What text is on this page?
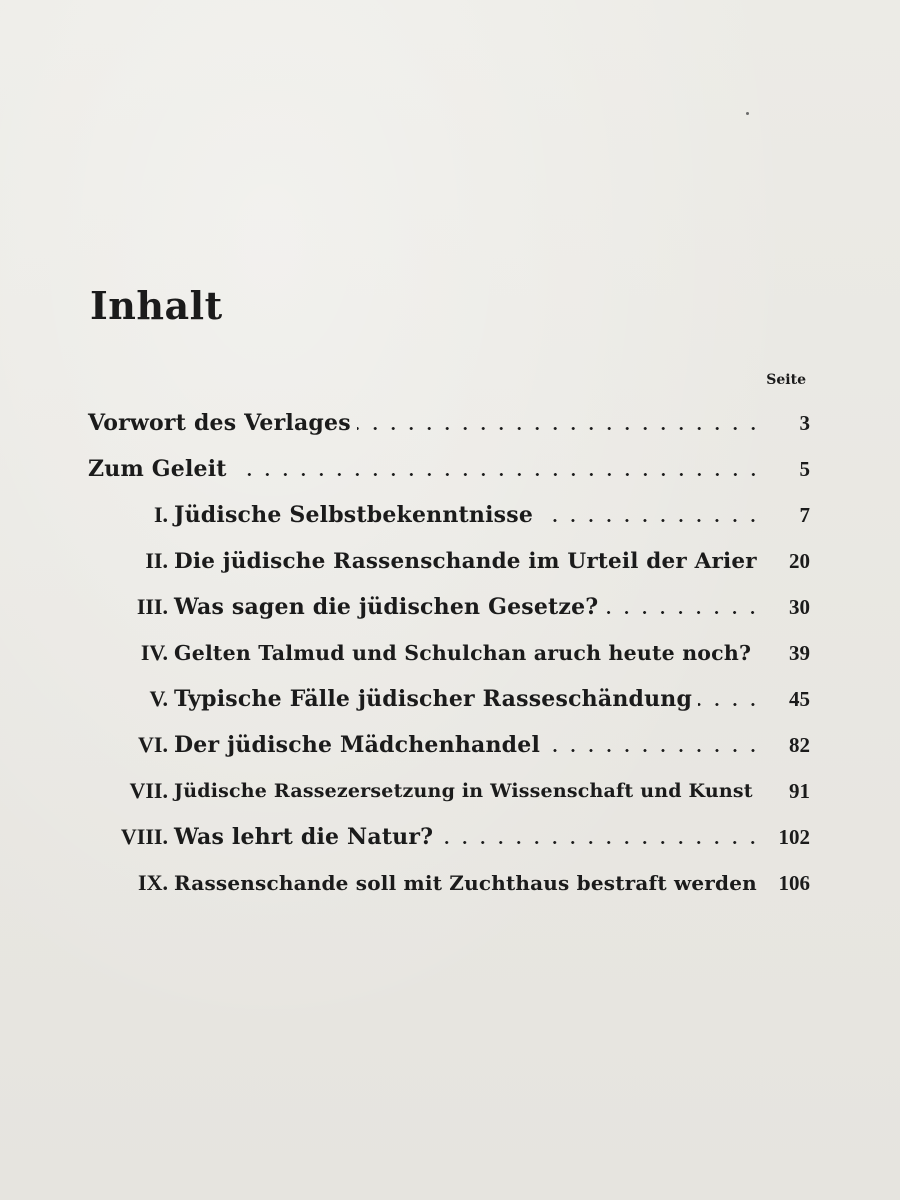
Inhalt
Seite
Vorwort des Verlages	3
Zum Geleit	5
I. Jüdische Selbstbekenntnisse	7
II. Die jüdische Rassenschande im Urteil der Arier	20
III. Was sagen die jüdischen Gesetze?	30
IV. Gelten Talmud und Schulchan aruch heute noch?	39
V. Typische Fälle jüdischer Rasseschändung	45
VI. Der jüdische Mädchenhandel	82
VII. Jüdische Rassezersetzung in Wissenschaft und Kunst	91
VIII. Was lehrt die Natur?	102
IX. Rassenschande soll mit Zuchthaus bestraft werden	106
